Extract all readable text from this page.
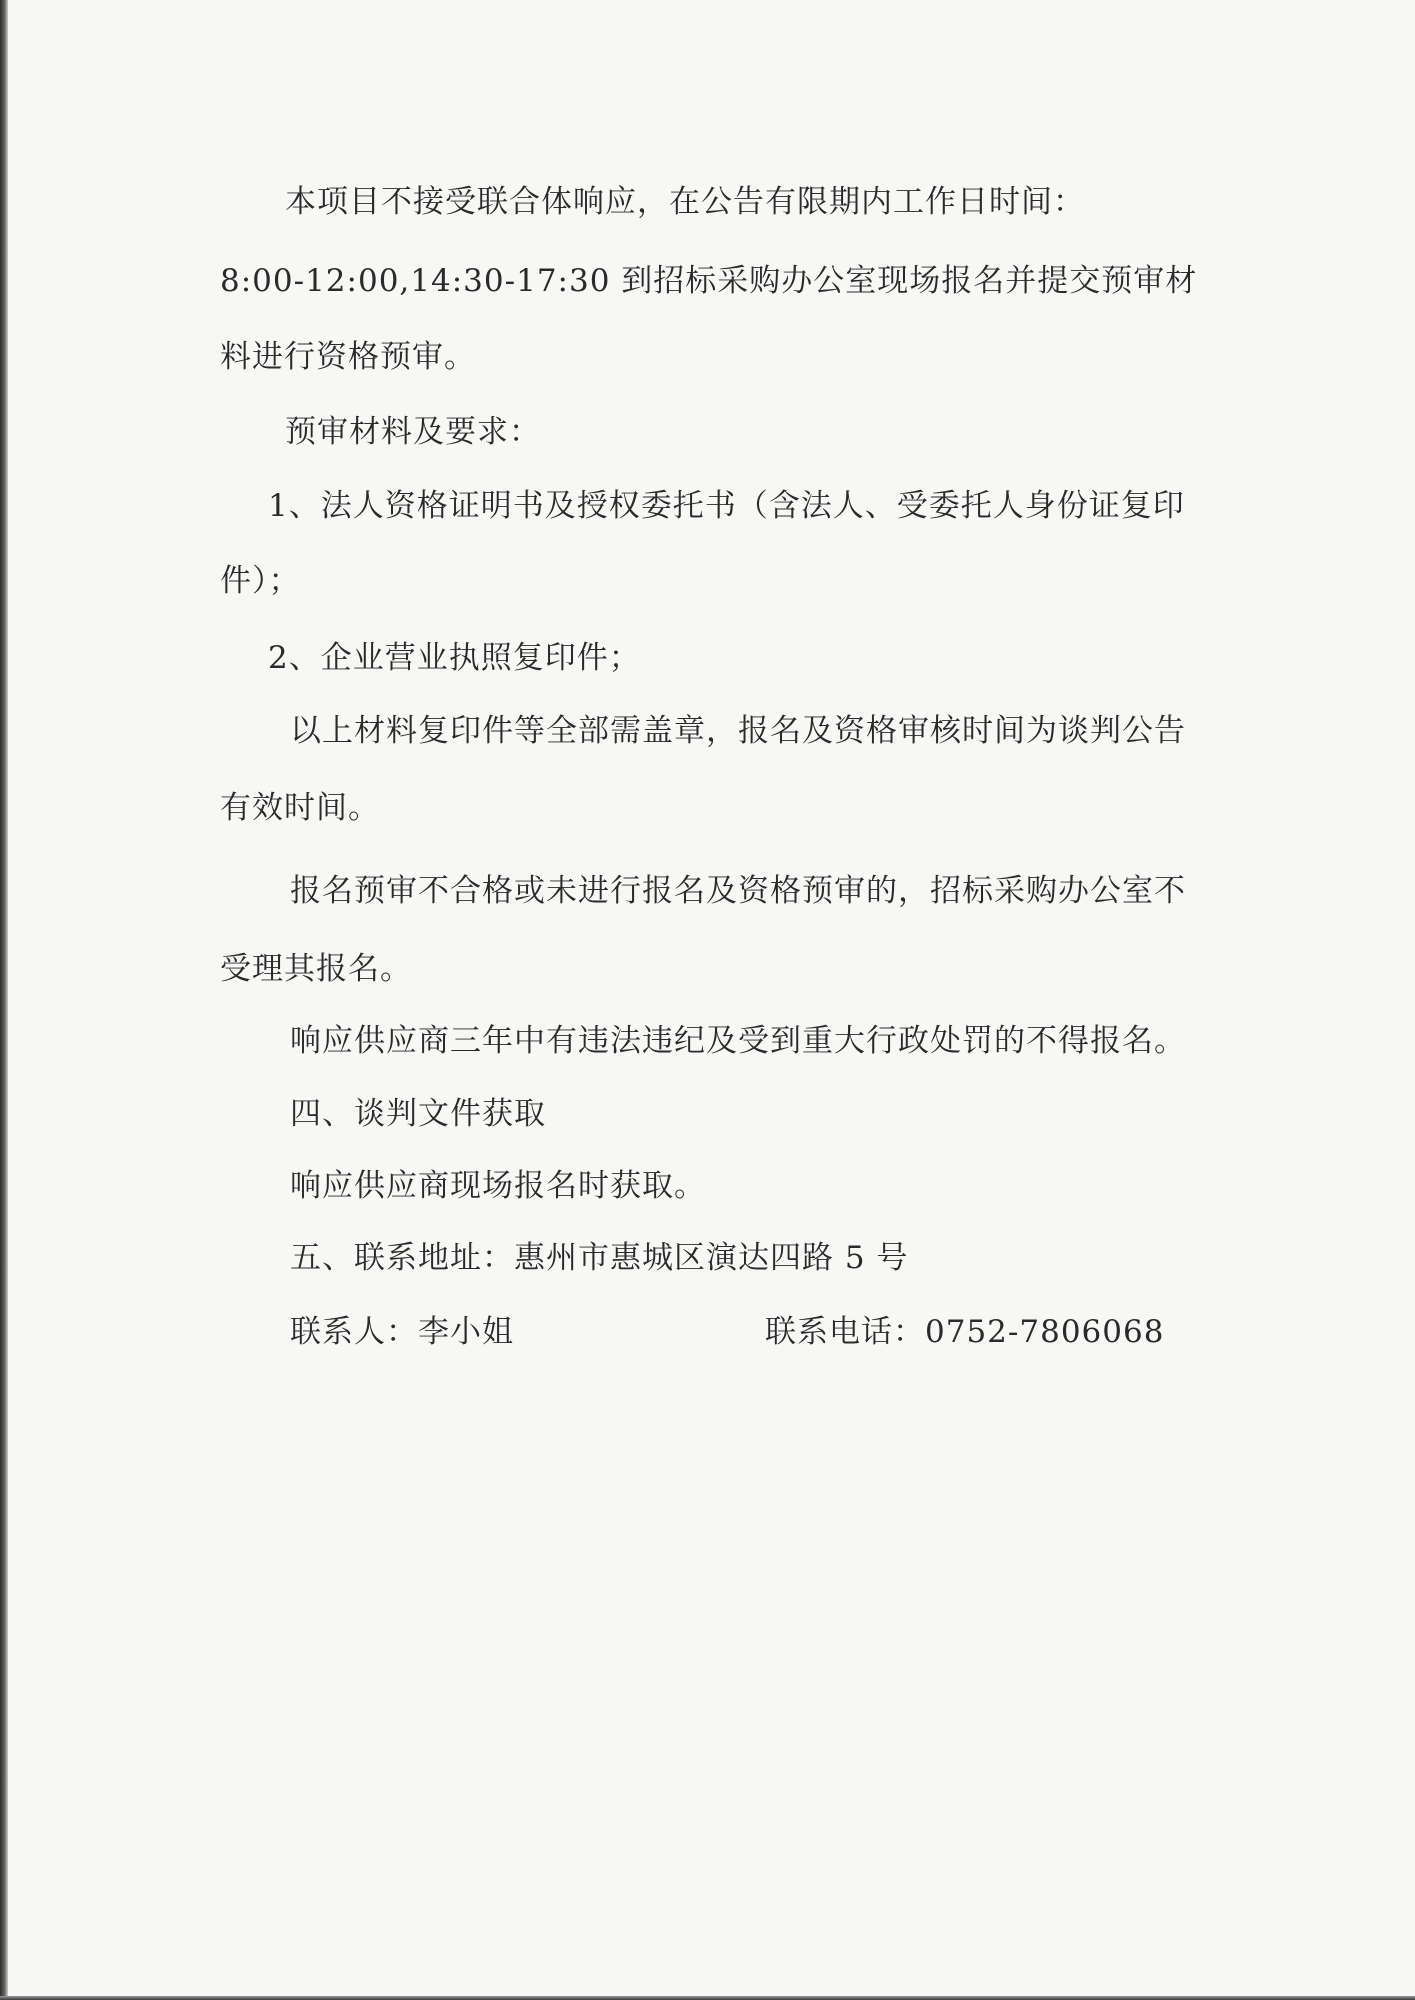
本项目不接受联合体响应，在公告有限期内工作日时间：

8:00-12:00,14:30-17:30 到招标采购办公室现场报名并提交预审材

料进行资格预审。

预审材料及要求：

1、法人资格证明书及授权委托书（含法人、受委托人身份证复印

件）；

2、企业营业执照复印件；

以上材料复印件等全部需盖章，报名及资格审核时间为谈判公告

有效时间。

报名预审不合格或未进行报名及资格预审的，招标采购办公室不

受理其报名。

响应供应商三年中有违法违纪及受到重大行政处罚的不得报名。

四、谈判文件获取

响应供应商现场报名时获取。

五、联系地址：惠州市惠城区演达四路 5 号

联系人：李小姐	联系电话：0752-7806068
